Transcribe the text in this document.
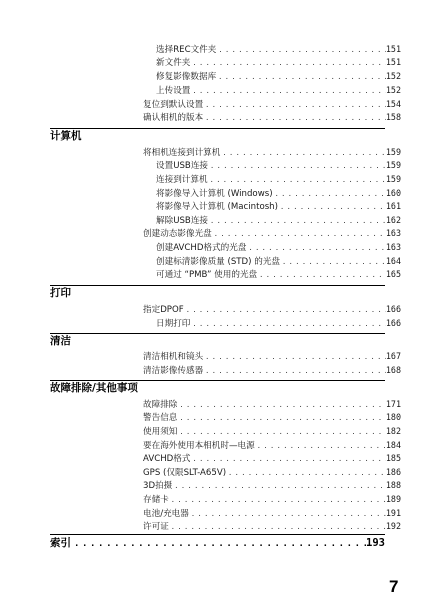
选择REC文件夹 .....	151
新文件夹 .....	151
修复影像数据库 .....	152
上传设置 .....	152
复位到默认设置 .....	154
确认相机的版本 .....	158
计算机
将相机连接到计算机 .....	159
设置USB连接 .....	159
连接到计算机 .....	159
将影像导入计算机 (Windows) .....	160
将影像导入计算机 (Macintosh) .....	161
解除USB连接 .....	162
创建动态影像光盘 .....	163
创建AVCHD格式的光盘 .....	163
创建标清影像质量 (STD) 的光盘 .....	164
可通过 “PMB” 使用的光盘 .....	165
打印
指定DPOF .....	166
日期打印 .....	166
清洁
清洁相机和镜头 .....	167
清洁影像传感器 .....	168
故障排除/其他事项
故障排除 .....	171
警告信息 .....	180
使用须知 .....	182
要在海外使用本相机时—电源 .....	184
AVCHD格式 .....	185
GPS (仅限SLT-A65V) .....	186
3D拍摄 .....	188
存储卡 .....	189
电池/充电器 .....	191
许可证 .....	192
索引 .....	193
7
